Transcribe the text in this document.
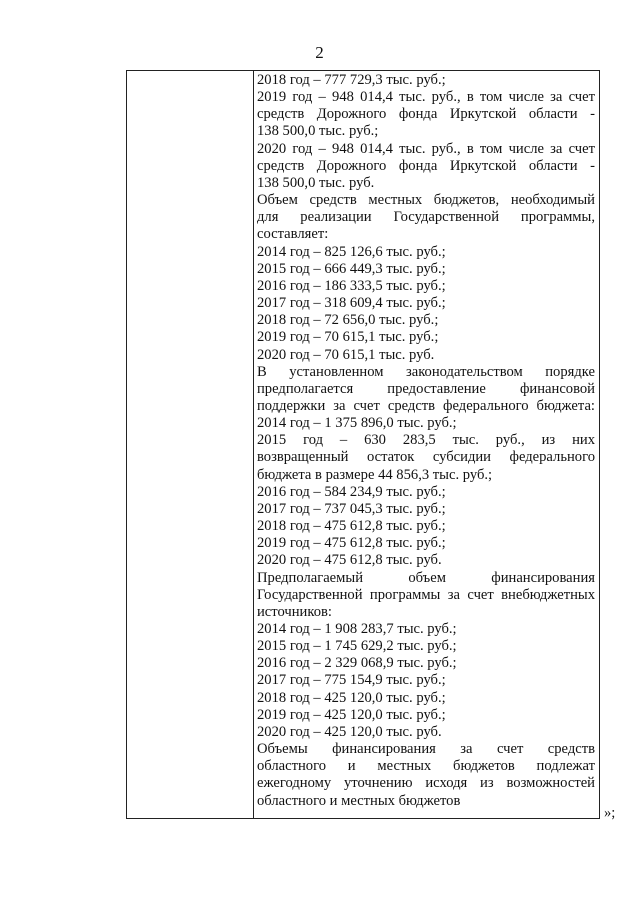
2
2018 год – 777 729,3 тыс. руб.;
2019 год – 948 014,4 тыс. руб., в том числе за счет
средств Дорожного фонда Иркутской области -
138 500,0 тыс. руб.;
2020 год – 948 014,4 тыс. руб., в том числе за счет
средств Дорожного фонда Иркутской области -
138 500,0 тыс. руб.
Объем средств местных бюджетов, необходимый
для реализации Государственной программы,
составляет:
2014 год – 825 126,6 тыс. руб.;
2015 год – 666 449,3 тыс. руб.;
2016 год – 186 333,5 тыс. руб.;
2017 год – 318 609,4 тыс. руб.;
2018 год – 72 656,0 тыс. руб.;
2019 год – 70 615,1 тыс. руб.;
2020 год – 70 615,1 тыс. руб.
В установленном законодательством порядке
предполагается предоставление финансовой
поддержки за счет средств федерального бюджета:
2014 год – 1 375 896,0 тыс. руб.;
2015 год – 630 283,5 тыс. руб., из них
возвращенный остаток субсидии федерального
бюджета в размере 44 856,3 тыс. руб.;
2016 год – 584 234,9 тыс. руб.;
2017 год – 737 045,3 тыс. руб.;
2018 год – 475 612,8 тыс. руб.;
2019 год – 475 612,8 тыс. руб.;
2020 год – 475 612,8 тыс. руб.
Предполагаемый объем финансирования
Государственной программы за счет внебюджетных
источников:
2014 год – 1 908 283,7 тыс. руб.;
2015 год – 1 745 629,2 тыс. руб.;
2016 год – 2 329 068,9 тыс. руб.;
2017 год – 775 154,9 тыс. руб.;
2018 год – 425 120,0 тыс. руб.;
2019 год – 425 120,0 тыс. руб.;
2020 год – 425 120,0 тыс. руб.
Объемы финансирования за счет средств
областного и местных бюджетов подлежат
ежегодному уточнению исходя из возможностей
областного и местных бюджетов
»;
